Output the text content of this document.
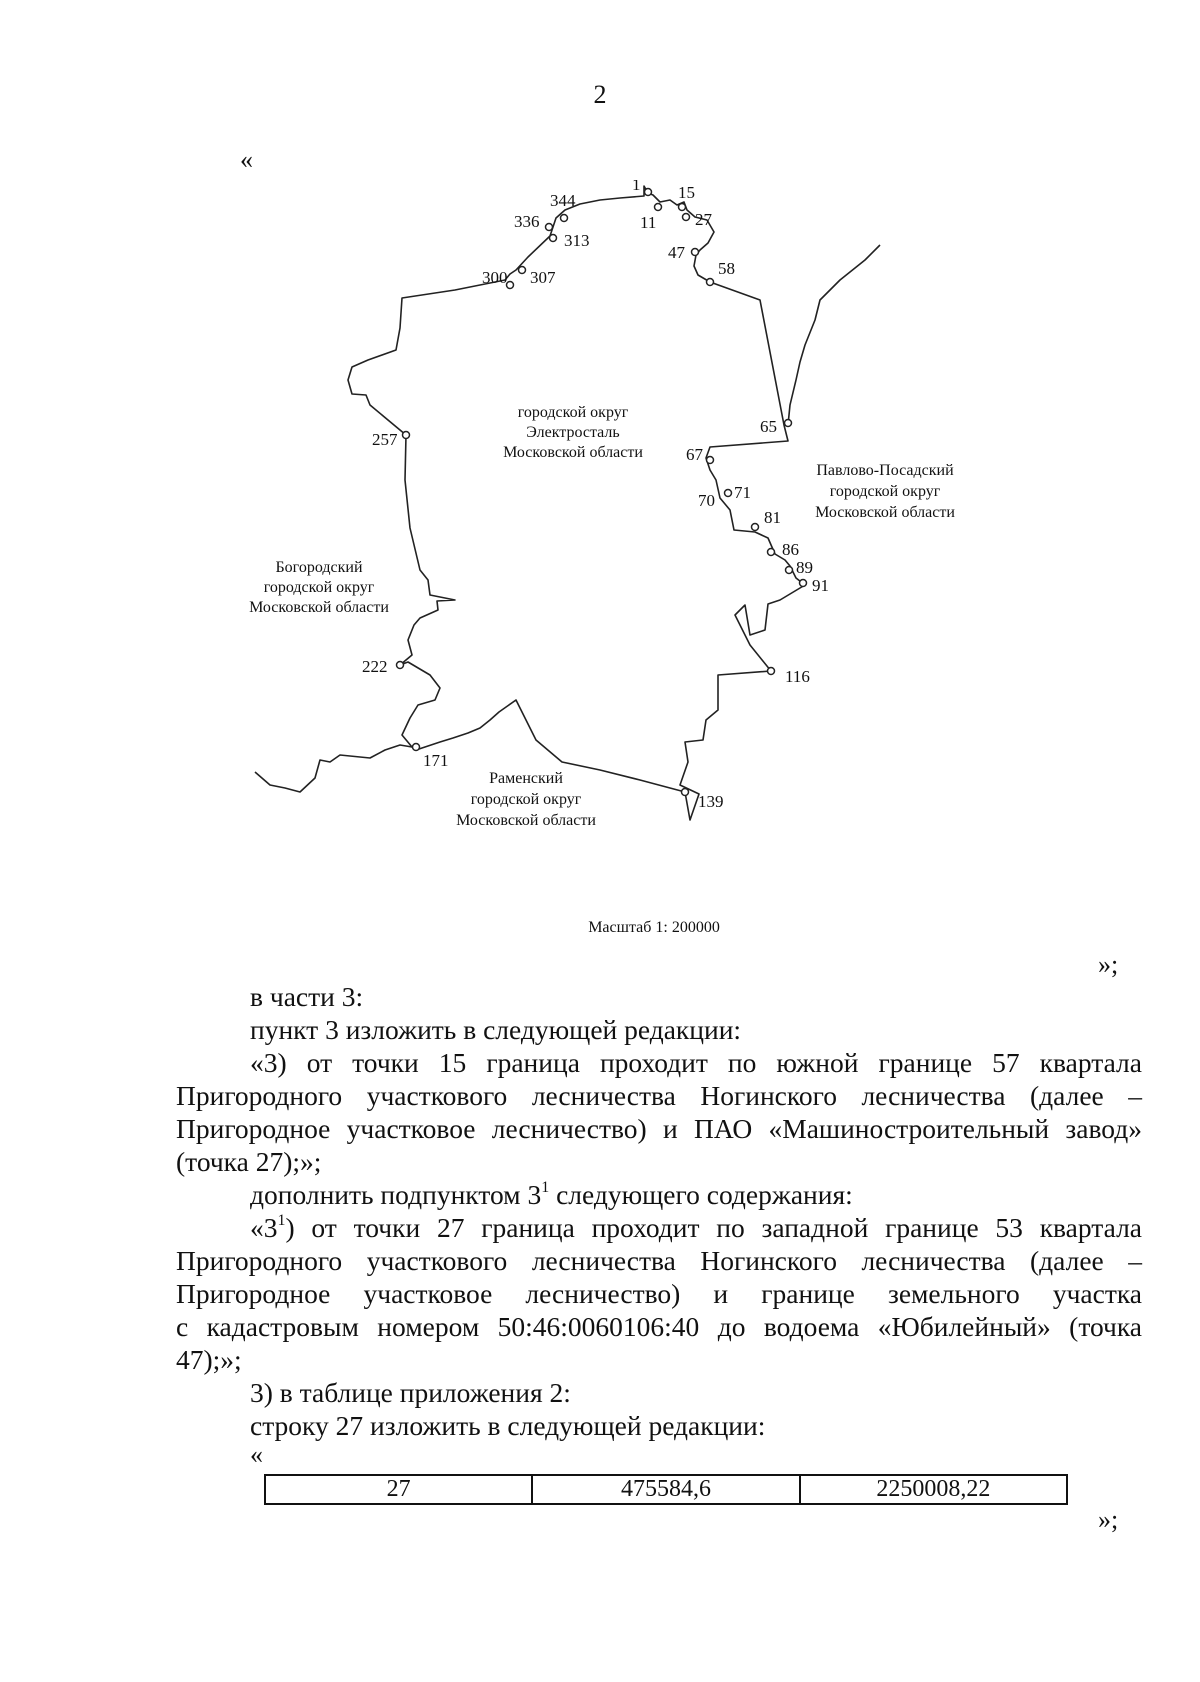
2
«
1
11
15
27
47
58
65
67
70 71
81
86
89
91
116
139
171
222
257
300 307
313
336
344
городской округ
Электросталь
Московской области
Павлово-Посадский
городской округ
Московской области
Богородский
городской округ
Московской области
Раменский
городской округ
Московской области
Масштаб 1: 200000
»;
в части 3:
пункт 3 изложить в следующей редакции:
«3) от точки 15 граница проходит по южной границе 57 квартала
Пригородного участкового лесничества Ногинского лесничества (далее –
Пригородное участковое лесничество) и ПАО «Машиностроительный завод»
(точка 27);»;
дополнить подпунктом $3^1$ следующего содержания:
«$3^1$) от точки 27 граница проходит по западной границе 53 квартала
Пригородного участкового лесничества Ногинского лесничества (далее –
Пригородное участковое лесничество) и границе земельного участка
с кадастровым номером 50:46:0060106:40 до водоема «Юбилейный» (точка
47);»;
3) в таблице приложения 2:
строку 27 изложить в следующей редакции:
«
27	475584,6	2250008,22
»;
